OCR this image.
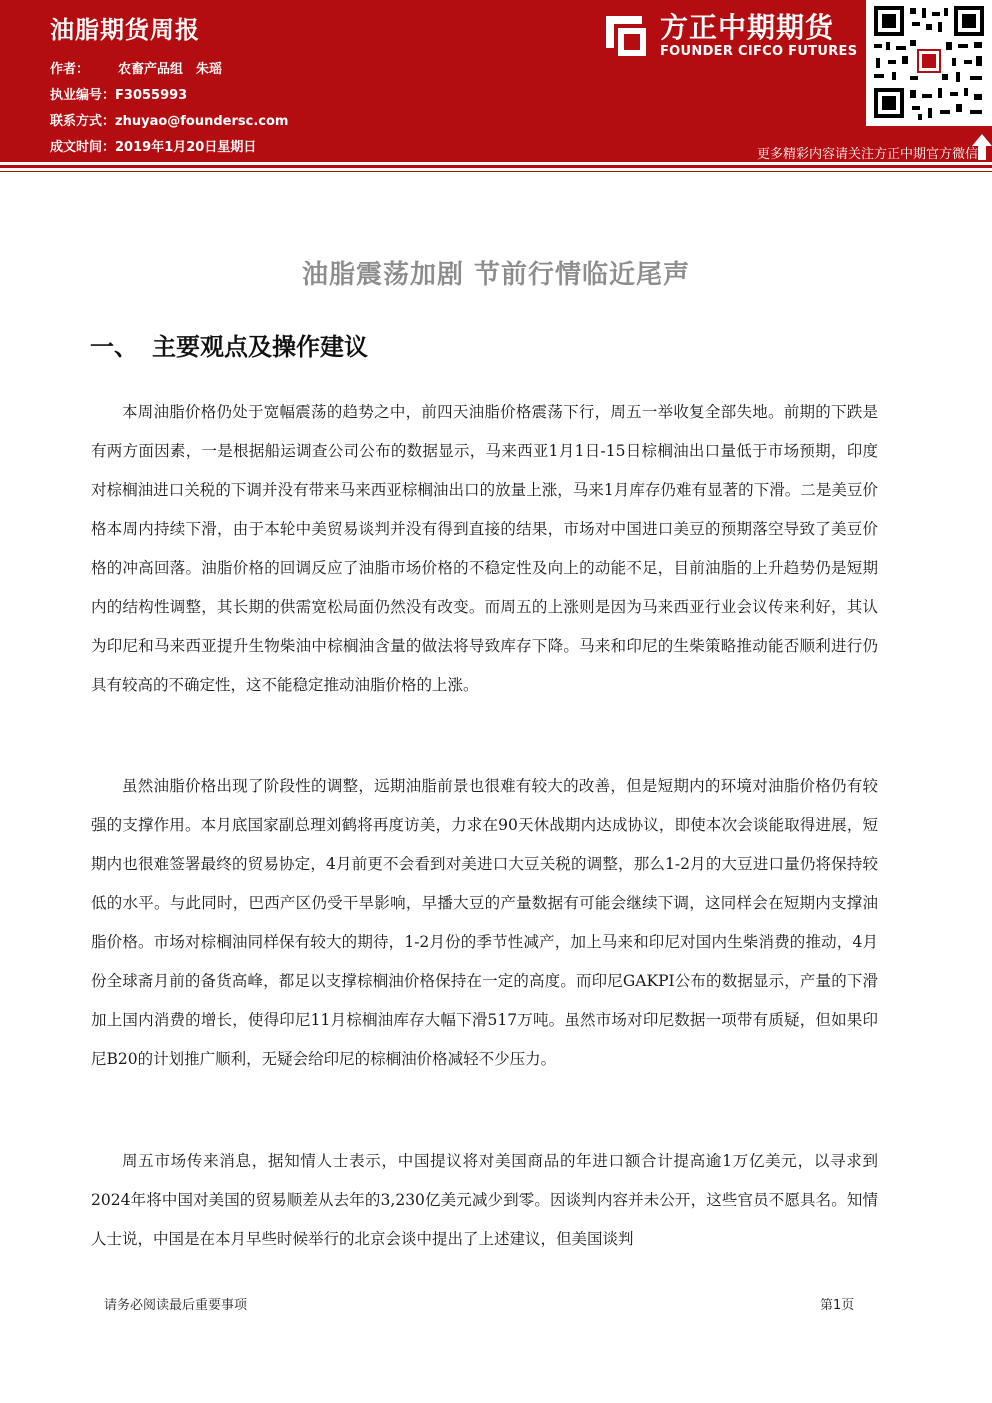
油脂期货周报
作者： 农畜产品组　朱瑶
执业编号：F3055993
联系方式：zhuyao@foundersc.com
成文时间：2019年1月20日星期日
方正中期期货
FOUNDER CIFCO FUTURES
更多精彩内容请关注方正中期官方微信
油脂震荡加剧 节前行情临近尾声
一、 主要观点及操作建议

本周油脂价格仍处于宽幅震荡的趋势之中，前四天油脂价格震荡下行，周五一举收复全部失地。前期的下跌是有两方面因素，一是根据船运调查公司公布的数据显示，马来西亚1月1日-15日棕榈油出口量低于市场预期，印度对棕榈油进口关税的下调并没有带来马来西亚棕榈油出口的放量上涨，马来1月库存仍难有显著的下滑。二是美豆价格本周内持续下滑，由于本轮中美贸易谈判并没有得到直接的结果，市场对中国进口美豆的预期落空导致了美豆价格的冲高回落。油脂价格的回调反应了油脂市场价格的不稳定性及向上的动能不足，目前油脂的上升趋势仍是短期内的结构性调整，其长期的供需宽松局面仍然没有改变。而周五的上涨则是因为马来西亚行业会议传来利好，其认为印尼和马来西亚提升生物柴油中棕榈油含量的做法将导致库存下降。马来和印尼的生柴策略推动能否顺利进行仍具有较高的不确定性，这不能稳定推动油脂价格的上涨。

虽然油脂价格出现了阶段性的调整，远期油脂前景也很难有较大的改善，但是短期内的环境对油脂价格仍有较强的支撑作用。本月底国家副总理刘鹤将再度访美，力求在90天休战期内达成协议，即使本次会谈能取得进展，短期内也很难签署最终的贸易协定，4月前更不会看到对美进口大豆关税的调整，那么1-2月的大豆进口量仍将保持较低的水平。与此同时，巴西产区仍受干旱影响，早播大豆的产量数据有可能会继续下调，这同样会在短期内支撑油脂价格。市场对棕榈油同样保有较大的期待，1-2月份的季节性减产，加上马来和印尼对国内生柴消费的推动，4月份全球斋月前的备货高峰，都足以支撑棕榈油价格保持在一定的高度。而印尼GAKPI公布的数据显示，产量的下滑加上国内消费的增长，使得印尼11月棕榈油库存大幅下滑517万吨。虽然市场对印尼数据一项带有质疑，但如果印尼B20的计划推广顺利，无疑会给印尼的棕榈油价格减轻不少压力。

周五市场传来消息，据知情人士表示，中国提议将对美国商品的年进口额合计提高逾1万亿美元，以寻求到2024年将中国对美国的贸易顺差从去年的3,230亿美元减少到零。因谈判内容并未公开，这些官员不愿具名。知情人士说，中国是在本月早些时候举行的北京会谈中提出了上述建议，但美国谈判

请务必阅读最后重要事项	第1页
